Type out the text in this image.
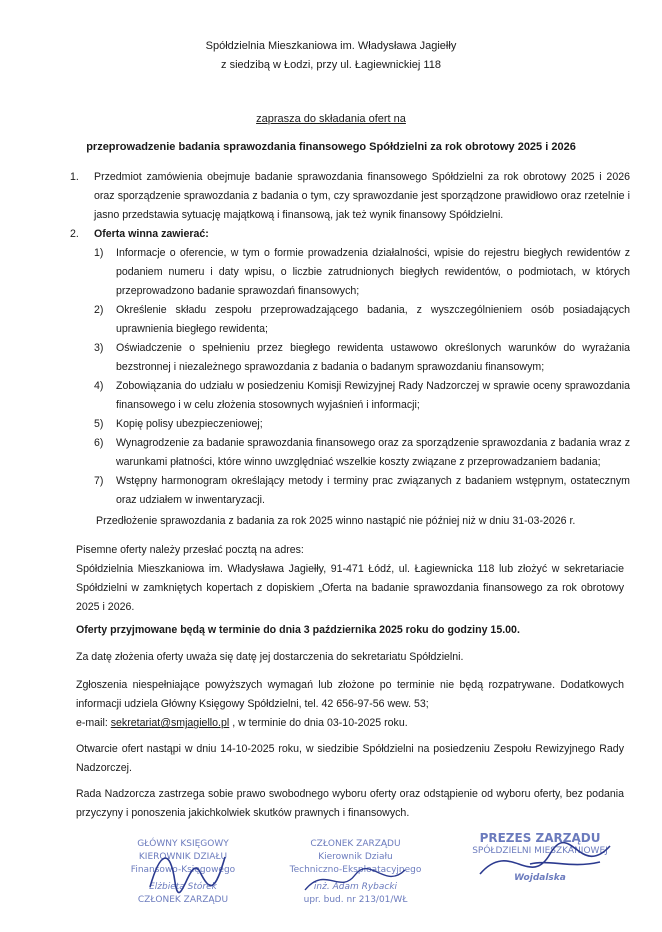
Spółdzielnia Mieszkaniowa im. Władysława Jagiełły
z siedzibą w Łodzi, przy ul. Łagiewnickiej 118
zaprasza do składania ofert na
przeprowadzenie badania sprawozdania finansowego Spółdzielni za rok obrotowy 2025 i 2026
1. Przedmiot zamówienia obejmuje badanie sprawozdania finansowego Spółdzielni za rok obrotowy 2025 i 2026 oraz sporządzenie sprawozdania z badania o tym, czy sprawozdanie jest sporządzone prawidłowo oraz rzetelnie i jasno przedstawia sytuację majątkową i finansową, jak też wynik finansowy Spółdzielni.
2. Oferta winna zawierać:
1) Informacje o oferencie, w tym o formie prowadzenia działalności, wpisie do rejestru biegłych rewidentów z podaniem numeru i daty wpisu, o liczbie zatrudnionych biegłych rewidentów, o podmiotach, w których przeprowadzono badanie sprawozdań finansowych;
2) Określenie składu zespołu przeprowadzającego badania, z wyszczególnieniem osób posiadających uprawnienia biegłego rewidenta;
3) Oświadczenie o spełnieniu przez biegłego rewidenta ustawowo określonych warunków do wyrażania bezstronnej i niezależnego sprawozdania z badania o badanym sprawozdaniu finansowym;
4) Zobowiązania do udziału w posiedzeniu Komisji Rewizyjnej Rady Nadzorczej w sprawie oceny sprawozdania finansowego i w celu złożenia stosownych wyjaśnień i informacji;
5) Kopię polisy ubezpieczeniowej;
6) Wynagrodzenie za badanie sprawozdania finansowego oraz za sporządzenie sprawozdania z badania wraz z warunkami płatności, które winno uwzględniać wszelkie koszty związane z przeprowadzaniem badania;
7) Wstępny harmonogram określający metody i terminy prac związanych z badaniem wstępnym, ostatecznym oraz udziałem w inwentaryzacji.
Przedłożenie sprawozdania z badania za rok 2025 winno nastąpić nie później niż w dniu 31-03-2026 r.
Pisemne oferty należy przesłać pocztą na adres:
Spółdzielnia Mieszkaniowa im. Władysława Jagiełły, 91-471 Łódź, ul. Łagiewnicka 118 lub złożyć w sekretariacie Spółdzielni w zamkniętych kopertach z dopiskiem „Oferta na badanie sprawozdania finansowego za rok obrotowy 2025 i 2026.
Oferty przyjmowane będą w terminie do dnia 3 października 2025 roku do godziny 15.00.
Za datę złożenia oferty uważa się datę jej dostarczenia do sekretariatu Spółdzielni.
Zgłoszenia niespełniające powyższych wymagań lub złożone po terminie nie będą rozpatrywane. Dodatkowych informacji udziela Główny Księgowy Spółdzielni, tel. 42 656-97-56 wew. 53;
e-mail: sekretariat@smjagiello.pl , w terminie do dnia 03-10-2025 roku.
Otwarcie ofert nastąpi w dniu 14-10-2025 roku, w siedzibie Spółdzielni na posiedzeniu Zespołu Rewizyjnego Rady Nadzorczej.
Rada Nadzorcza zastrzega sobie prawo swobodnego wyboru oferty oraz odstąpienie od wyboru oferty, bez podania przyczyny i ponoszenia jakichkolwiek skutków prawnych i finansowych.
GŁÓWNY KSIĘGOWY
KIEROWNIK DZIAŁU
Finansowo-Księgowego
Elżbieta Stórek
CZŁONEK ZARZĄDU
CZŁONEK ZARZĄDU
Kierownik Działu
Techniczno-Eksploatacyjnego
inż. Adam Rybacki
upr. bud. nr 213/01/WŁ
PREZES ZARZĄDU
SPÓŁDZIELNI MIESZKANIOWEJ
Wojdalska
